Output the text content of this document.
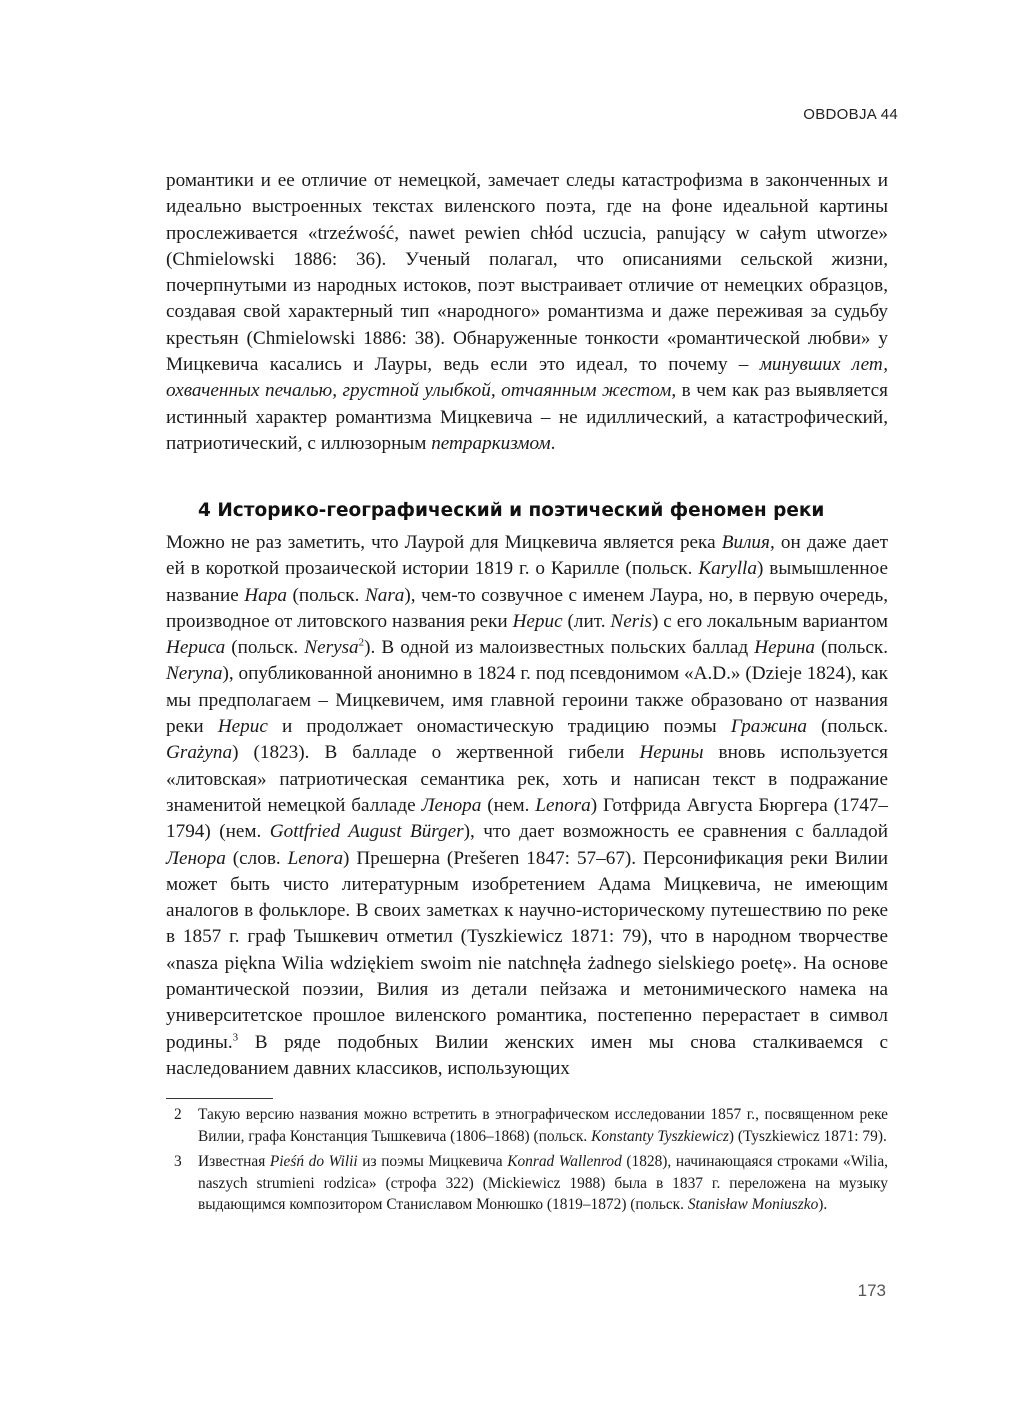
OBDOBJA 44

романтики и ее отличие от немецкой, замечает следы катастрофизма в законченных и идеально выстроенных текстах виленского поэта, где на фоне идеальной картины прослеживается «trzeźwość, nawet pewien chłód uczucia, panujący w całym utworze» (Chmielowski 1886: 36). Ученый полагал, что описаниями сельской жизни, почерпнутыми из народных истоков, поэт выстраивает отличие от немецких образцов, создавая свой характерный тип «народного» романтизма и даже переживая за судьбу крестьян (Chmielowski 1886: 38). Обнаруженные тонкости «романтической любви» у Мицкевича касались и Лауры, ведь если это идеал, то почему – минувших лет, охваченных печалью, грустной улыбкой, отчаянным жестом, в чем как раз выявляется истинный характер романтизма Мицкевича – не идиллический, а катастрофический, патриотический, с иллюзорным петраркизмом.

4 Историко-географический и поэтический феномен реки

Можно не раз заметить, что Лаурой для Мицкевича является река Вилия, он даже дает ей в короткой прозаической истории 1819 г. о Карилле (польск. Karylla) вымышленное название Нара (польск. Nara), чем-то созвучное с именем Лаура, но, в первую очередь, производное от литовского названия реки Нерис (лит. Neris) с его локальным вариантом Нериса (польск. Nerysa$^2$). В одной из малоизвестных польских баллад Нерина (польск. Neryna), опубликованной анонимно в 1824 г. под псевдонимом «A.D.» (Dzieje 1824), как мы предполагаем – Мицкевичем, имя главной героини также образовано от названия реки Нерис и продолжает ономастическую традицию поэмы Гражина (польск. Grażyna) (1823). В балладе о жертвенной гибели Нерины вновь используется «литовская» патриотическая семантика рек, хоть и написан текст в подражание знаменитой немецкой балладе Ленора (нем. Lenora) Готфрида Августа Бюргера (1747–1794) (нем. Gottfried August Bürger), что дает возможность ее сравнения с балладой Ленора (слов. Lenora) Прешерна (Prešeren 1847: 57–67). Персонификация реки Вилии может быть чисто литературным изобретением Адама Мицкевича, не имеющим аналогов в фольклоре. В своих заметках к научно-историческому путешествию по реке в 1857 г. граф Тышкевич отметил (Tyszkiewicz 1871: 79), что в народном творчестве «nasza piękna Wilia wdziękiem swoim nie natchnęła żadnego sielskiego poetę». На основе романтической поэзии, Вилия из детали пейзажа и метонимического намека на университетское прошлое виленского романтика, постепенно перерастает в символ родины.$^3$ В ряде подобных Вилии женских имен мы снова сталкиваемся с наследованием давних классиков, использующих

2 Такую версию названия можно встретить в этнографическом исследовании 1857 г., посвященном реке Вилии, графа Констанция Тышкевича (1806–1868) (польск. Konstanty Tyszkiewicz) (Tyszkiewicz 1871: 79).
3 Известная Pieśń do Wilii из поэмы Мицкевича Konrad Wallenrod (1828), начинающаяся строками «Wilia, naszych strumieni rodzica» (строфа 322) (Mickiewicz 1988) была в 1837 г. переложена на музыку выдающимся композитором Станиславом Монюшко (1819–1872) (польск. Stanisław Moniuszko).
173
